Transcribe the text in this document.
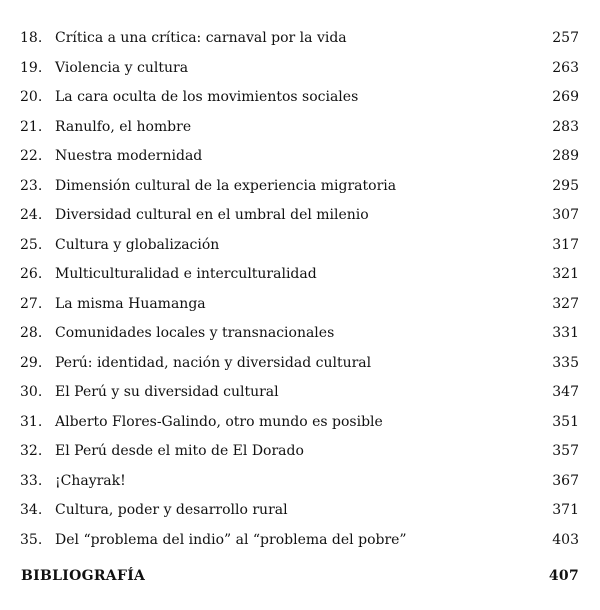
18. Crítica a una crítica: carnaval por la vida	257
19. Violencia y cultura	263
20. La cara oculta de los movimientos sociales	269
21. Ranulfo, el hombre	283
22. Nuestra modernidad	289
23. Dimensión cultural de la experiencia migratoria	295
24. Diversidad cultural en el umbral del milenio	307
25. Cultura y globalización	317
26. Multiculturalidad e interculturalidad	321
27. La misma Huamanga	327
28. Comunidades locales y transnacionales	331
29. Perú: identidad, nación y diversidad cultural	335
30. El Perú y su diversidad cultural	347
31. Alberto Flores-Galindo, otro mundo es posible	351
32. El Perú desde el mito de El Dorado	357
33. ¡Chayrak!	367
34. Cultura, poder y desarrollo rural	371
35. Del “problema del indio” al “problema del pobre”	403
BIBLIOGRAFÍA	407
